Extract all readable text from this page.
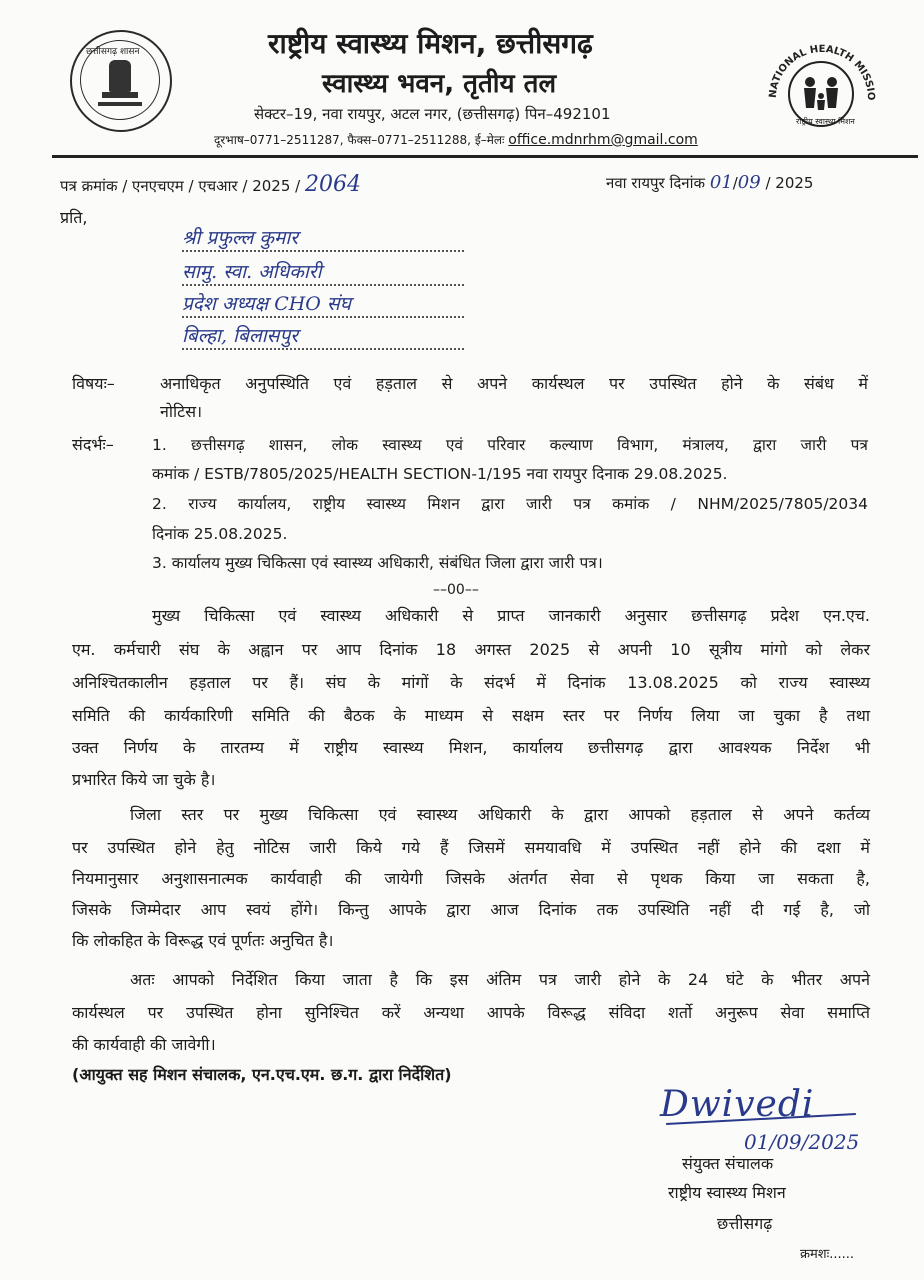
छत्तीसगढ़ शासन	राष्ट्रीय स्वास्थ्य मिशन, छत्तीसगढ़
स्वास्थ्य भवन, तृतीय तल
सेक्टर–19, नवा रायपुर, अटल नगर, (छत्तीसगढ़) पिन–492101
दूरभाष–0771–2511287, फैक्स–0771–2511288, ई–मेलः office.mdnrhm@gmail.com
NATIONAL HEALTH MISSIO
राष्ट्रीय स्वास्थ्य मिशन
पत्र क्रमांक / एनएचएम / एचआर / 2025 / 2064	नवा रायपुर दिनांक 01/09 / 2025
प्रति,
श्री प्रफुल्ल कुमार
सामु. स्वा. अधिकारी
प्रदेश अध्यक्ष CHO संघ
बिल्हा, बिलासपुर
विषयः–	अनाधिकृत अनुपस्थिति एवं हड़ताल से अपने कार्यस्थल पर उपस्थित होने के संबंध में
नोटिस।
संदर्भः– 1. छत्तीसगढ़ शासन, लोक स्वास्थ्य एवं परिवार कल्याण विभाग, मंत्रालय, द्वारा जारी पत्र
कमांक / ESTB/7805/2025/HEALTH SECTION-1/195 नवा रायपुर दिनाक 29.08.2025.
2. राज्य कार्यालय, राष्ट्रीय स्वास्थ्य मिशन द्वारा जारी पत्र कमांक / NHM/2025/7805/2034
दिनांक 25.08.2025.
3. कार्यालय मुख्य चिकित्सा एवं स्वास्थ्य अधिकारी, संबंधित जिला द्वारा जारी पत्र।
––00––
मुख्य चिकित्सा एवं स्वास्थ्य अधिकारी से प्राप्त जानकारी अनुसार छत्तीसगढ़ प्रदेश एन.एच.
एम. कर्मचारी संघ के अह्वान पर आप दिनांक 18 अगस्त 2025 से अपनी 10 सूत्रीय मांगो को लेकर
अनिश्चितकालीन हड़ताल पर हैं। संघ के मांगों के संदर्भ में दिनांक 13.08.2025 को राज्य स्वास्थ्य
समिति की कार्यकारिणी समिति की बैठक के माध्यम से सक्षम स्तर पर निर्णय लिया जा चुका है तथा
उक्त निर्णय के तारतम्य में राष्ट्रीय स्वास्थ्य मिशन, कार्यालय छत्तीसगढ़ द्वारा आवश्यक निर्देश भी
प्रभारित किये जा चुके है।
जिला स्तर पर मुख्य चिकित्सा एवं स्वास्थ्य अधिकारी के द्वारा आपको हड़ताल से अपने कर्तव्य
पर उपस्थित होने हेतु नोटिस जारी किये गये हैं जिसमें समयावधि में उपस्थित नहीं होने की दशा में
नियमानुसार अनुशासनात्मक कार्यवाही की जायेगी जिसके अंतर्गत सेवा से पृथक किया जा सकता है,
जिसके जिम्मेदार आप स्वयं होंगे। किन्तु आपके द्वारा आज दिनांक तक उपस्थिति नहीं दी गई है, जो
कि लोकहित के विरूद्ध एवं पूर्णतः अनुचित है।
अतः आपको निर्देशित किया जाता है कि इस अंतिम पत्र जारी होने के 24 घंटे के भीतर अपने
कार्यस्थल पर उपस्थित होना सुनिश्चित करें अन्यथा आपके विरूद्ध संविदा शर्तो अनुरूप सेवा समाप्ति
की कार्यवाही की जावेगी।
(आयुक्त सह मिशन संचालक, एन.एच.एम. छ.ग. द्वारा निर्देशित)
Dwivedi
01/09/2025
संयुक्त संचालक
राष्ट्रीय स्वास्थ्य मिशन
छत्तीसगढ़
क्रमशः......
